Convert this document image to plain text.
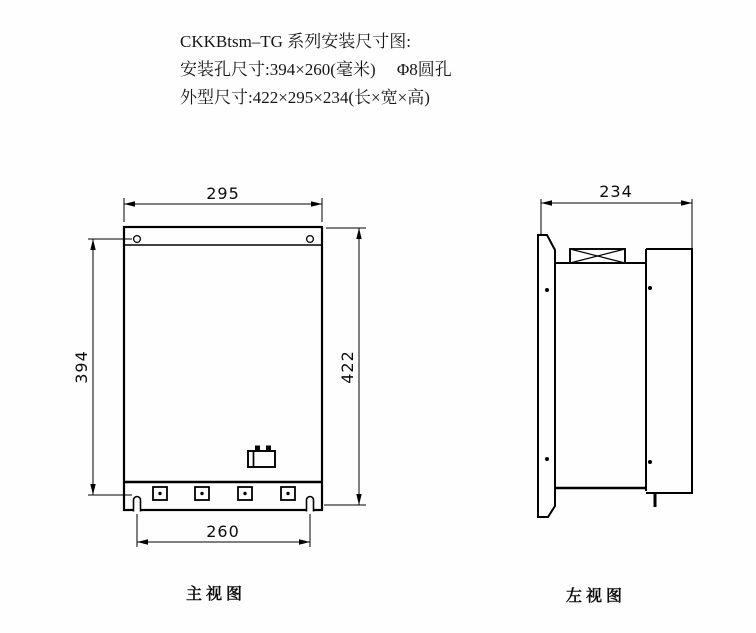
CKKBtsm–TG 系列安装尺寸图:
安装孔尺寸:394×260(毫米)　 Φ8圆孔
外型尺寸:422×295×234(长×宽×高)
295
394	422
260
234
主视图	左视图
